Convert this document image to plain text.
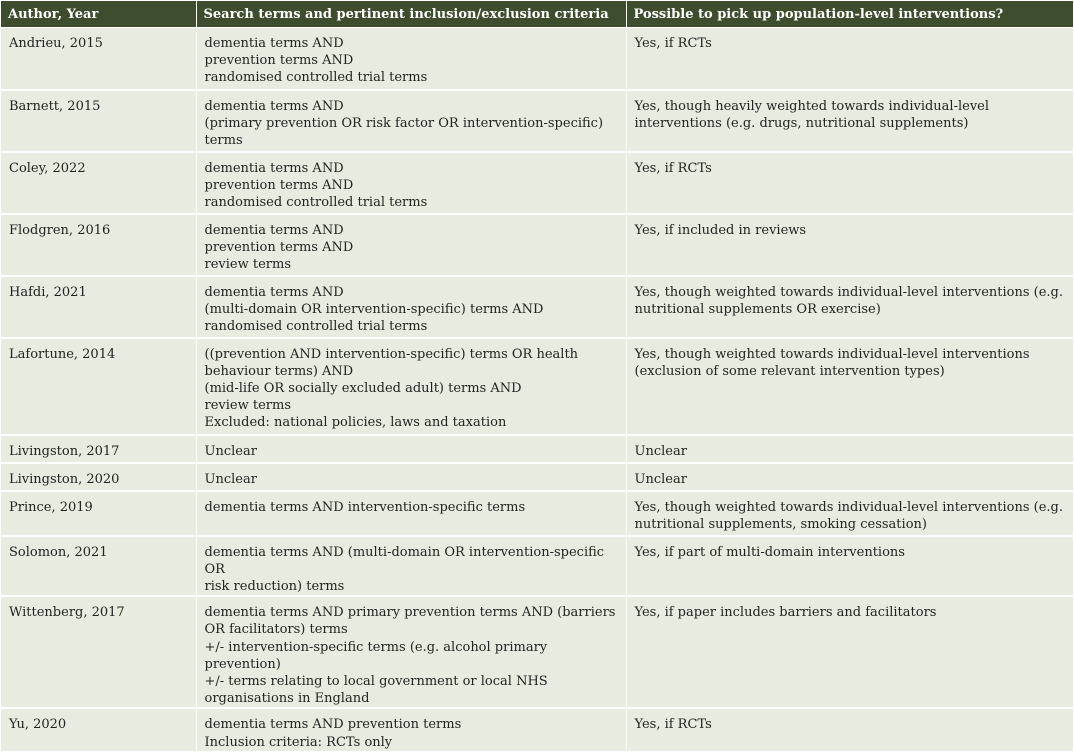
Author, Year	Search terms and pertinent inclusion/exclusion criteria	Possible to pick up population-level interventions?
Andrieu, 2015	dementia terms AND
prevention terms AND
randomised controlled trial terms	Yes, if RCTs
Barnett, 2015	dementia terms AND
(primary prevention OR risk factor OR intervention-specific)
terms	Yes, though heavily weighted towards individual-level
interventions (e.g. drugs, nutritional supplements)
Coley, 2022	dementia terms AND
prevention terms AND
randomised controlled trial terms	Yes, if RCTs
Flodgren, 2016	dementia terms AND
prevention terms AND
review terms	Yes, if included in reviews
Hafdi, 2021	dementia terms AND
(multi-domain OR intervention-specific) terms AND
randomised controlled trial terms	Yes, though weighted towards individual-level interventions (e.g.
nutritional supplements OR exercise)
Lafortune, 2014	((prevention AND intervention-specific) terms OR health
behaviour terms) AND
(mid-life OR socially excluded adult) terms AND
review terms
Excluded: national policies, laws and taxation	Yes, though weighted towards individual-level interventions
(exclusion of some relevant intervention types)
Livingston, 2017	Unclear	Unclear
Livingston, 2020	Unclear	Unclear
Prince, 2019	dementia terms AND intervention-specific terms	Yes, though weighted towards individual-level interventions (e.g.
nutritional supplements, smoking cessation)
Solomon, 2021	dementia terms AND (multi-domain OR intervention-specific OR
risk reduction) terms	Yes, if part of multi-domain interventions
Wittenberg, 2017	dementia terms AND primary prevention terms AND (barriers
OR facilitators) terms
+/- intervention-specific terms (e.g. alcohol primary prevention)
+/- terms relating to local government or local NHS
organisations in England	Yes, if paper includes barriers and facilitators
Yu, 2020	dementia terms AND prevention terms
Inclusion criteria: RCTs only	Yes, if RCTs
